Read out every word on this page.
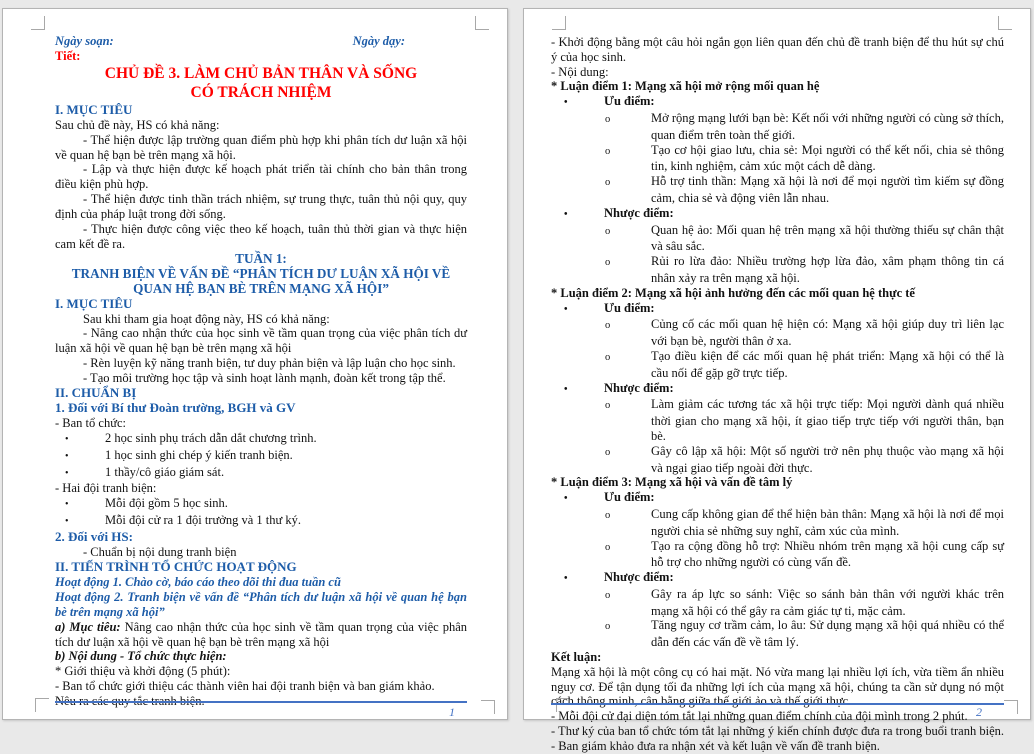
Ngày soạn:	Ngày dạy:

Tiết:

CHỦ ĐỀ 3. LÀM CHỦ BẢN THÂN VÀ SỐNG

CÓ TRÁCH NHIỆM

I. MỤC TIÊU

Sau chủ đề này, HS có khả năng:

- Thể hiện được lập trường quan điểm phù hợp khi phân tích dư luận xã hội về quan hệ bạn bè trên mạng xã hội.

- Lập và thực hiện được kế hoạch phát triển tài chính cho bản thân trong điều kiện phù hợp.

- Thể hiện được tinh thần trách nhiệm, sự trung thực, tuân thủ nội quy, quy định của pháp luật trong đời sống.

- Thực hiện được công việc theo kế hoạch, tuân thủ thời gian và thực hiện cam kết đề ra.

TUẦN 1:

TRANH BIỆN VỀ VẤN ĐỀ “PHÂN TÍCH DƯ LUẬN XÃ HỘI VỀ QUAN HỆ BẠN BÈ TRÊN MẠNG XÃ HỘI”

I. MỤC TIÊU

Sau khi tham gia hoạt động này, HS có khả năng:

- Nâng cao nhận thức của học sinh về tầm quan trọng của việc phân tích dư luận xã hội về quan hệ bạn bè trên mạng xã hội

- Rèn luyện kỹ năng tranh biện, tư duy phản biện và lập luận cho học sinh.

- Tạo môi trường học tập và sinh hoạt lành mạnh, đoàn kết trong tập thể.

II. CHUẨN BỊ

1. Đối với Bí thư Đoàn trường, BGH và GV

- Ban tổ chức:

•	2 học sinh phụ trách dẫn dắt chương trình.

•	1 học sinh ghi chép ý kiến tranh biện.

•	1 thầy/cô giáo giám sát.

- Hai đội tranh biện:

•	Mỗi đội gồm 5 học sinh.

•	Mỗi đội cử ra 1 đội trưởng và 1 thư ký.

2. Đối với HS:

- Chuẩn bị nội dung tranh biện

II. TIẾN TRÌNH TỔ CHỨC HOẠT ĐỘNG

Hoạt động 1. Chào cờ, báo cáo theo dõi thi đua tuần cũ

Hoạt động 2. Tranh biện về vấn đề “Phân tích dư luận xã hội về quan hệ bạn bè trên mạng xã hội”

a) Mục tiêu: Nâng cao nhận thức của học sinh về tầm quan trọng của việc phân tích dư luận xã hội về quan hệ bạn bè trên mạng xã hội

b) Nội dung - Tổ chức thực hiện:

* Giới thiệu và khởi động (5 phút):

- Ban tổ chức giới thiệu các thành viên hai đội tranh biện và ban giám khảo.

Nêu ra các quy tắc tranh biện.

1

- Khởi động bằng một câu hỏi ngắn gọn liên quan đến chủ đề tranh biện để thu hút sự chú ý của học sinh.

- Nội dung:

* Luận điểm 1: Mạng xã hội mở rộng mối quan hệ

•	Ưu điểm:

o	Mở rộng mạng lưới bạn bè: Kết nối với những người có cùng sở thích, quan điểm trên toàn thế giới.

o	Tạo cơ hội giao lưu, chia sẻ: Mọi người có thể kết nối, chia sẻ thông tin, kinh nghiệm, cảm xúc một cách dễ dàng.

o	Hỗ trợ tinh thần: Mạng xã hội là nơi để mọi người tìm kiếm sự đồng cảm, chia sẻ và động viên lẫn nhau.

•	Nhược điểm:

o	Quan hệ ảo: Mối quan hệ trên mạng xã hội thường thiếu sự chân thật và sâu sắc.

o	Rủi ro lừa đảo: Nhiều trường hợp lừa đảo, xâm phạm thông tin cá nhân xảy ra trên mạng xã hội.

* Luận điểm 2: Mạng xã hội ảnh hưởng đến các mối quan hệ thực tế

•	Ưu điểm:

o	Củng cố các mối quan hệ hiện có: Mạng xã hội giúp duy trì liên lạc với bạn bè, người thân ở xa.

o	Tạo điều kiện để các mối quan hệ phát triển: Mạng xã hội có thể là cầu nối để gặp gỡ trực tiếp.

•	Nhược điểm:

o	Làm giảm các tương tác xã hội trực tiếp: Mọi người dành quá nhiều thời gian cho mạng xã hội, ít giao tiếp trực tiếp với người thân, bạn bè.

o	Gây cô lập xã hội: Một số người trở nên phụ thuộc vào mạng xã hội và ngại giao tiếp ngoài đời thực.

* Luận điểm 3: Mạng xã hội và vấn đề tâm lý

•	Ưu điểm:

o	Cung cấp không gian để thể hiện bản thân: Mạng xã hội là nơi để mọi người chia sẻ những suy nghĩ, cảm xúc của mình.

o	Tạo ra cộng đồng hỗ trợ: Nhiều nhóm trên mạng xã hội cung cấp sự hỗ trợ cho những người có cùng vấn đề.

•	Nhược điểm:

o	Gây ra áp lực so sánh: Việc so sánh bản thân với người khác trên mạng xã hội có thể gây ra cảm giác tự ti, mặc cảm.

o	Tăng nguy cơ trầm cảm, lo âu: Sử dụng mạng xã hội quá nhiều có thể dẫn đến các vấn đề về tâm lý.

Kết luận:

Mạng xã hội là một công cụ có hai mặt. Nó vừa mang lại nhiều lợi ích, vừa tiềm ẩn nhiều nguy cơ. Để tận dụng tối đa những lợi ích của mạng xã hội, chúng ta cần sử dụng nó một cách thông minh, cân bằng giữa thế giới ảo và thế giới thực.

- Mỗi đội cử đại diện tóm tắt lại những quan điểm chính của đội mình trong 2 phút.

- Thư ký của ban tổ chức tóm tắt lại những ý kiến chính được đưa ra trong buổi tranh biện.

- Ban giám khảo đưa ra nhận xét và kết luận về vấn đề tranh biện.

2
